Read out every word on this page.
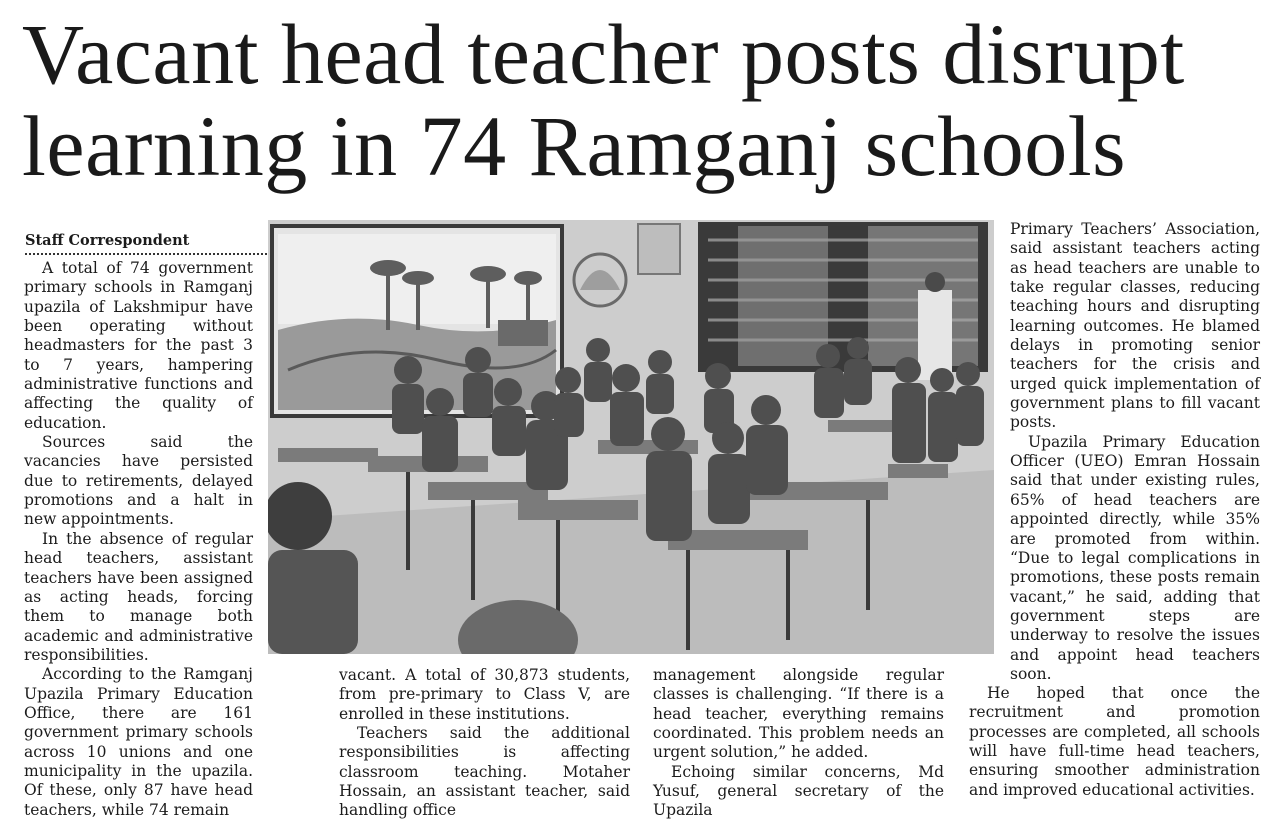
Vacant head teacher posts disrupt learning in 74 Ramganj schools
Staff Correspondent

A total of 74 government primary schools in Ramganj upazila of Lakshmipur have been operating without headmasters for the past 3 to 7 years, hampering administrative functions and affecting the quality of education.

Sources said the vacancies have persisted due to retirements, delayed promotions and a halt in new appointments.

In the absence of regular head teachers, assistant teachers have been assigned as acting heads, forcing them to manage both academic and administrative responsibilities.

According to the Ramganj Upazila Primary Education Office, there are 161 government primary schools across 10 unions and one municipality in the upazila. Of these, only 87 have head teachers, while 74 remain

vacant. A total of 30,873 students, from pre-primary to Class V, are enrolled in these institutions.

Teachers said the additional responsibilities is affecting classroom teaching. Motaher Hossain, an assistant teacher, said handling office

management alongside regular classes is challenging. “If there is a head teacher, everything remains coordinated. This problem needs an urgent solution,” he added.

Echoing similar concerns, Md Yusuf, general secretary of the Upazila

Primary Teachers’ Association, said assistant teachers acting as head teachers are unable to take regular classes, reducing teaching hours and disrupting learning outcomes. He blamed delays in promoting senior teachers for the crisis and urged quick implementation of government plans to fill vacant posts.

Upazila Primary Education Officer (UEO) Emran Hossain said that under existing rules, 65% of head teachers are appointed directly, while 35% are promoted from within. “Due to legal complications in promotions, these posts remain vacant,” he said, adding that government steps are underway to resolve the issues and appoint head teachers soon.

He hoped that once the recruitment and promotion processes are completed, all schools will have full-time head teachers, ensuring smoother administration and improved educational activities.
